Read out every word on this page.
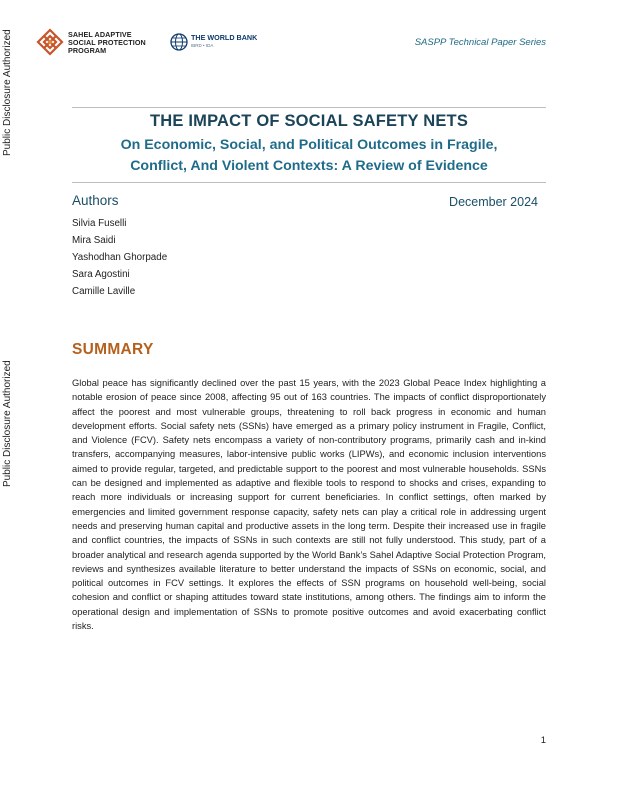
Public Disclosure Authorized
Public Disclosure Authorized
SAHEL ADAPTIVE
SOCIAL PROTECTION
PROGRAM
THE WORLD BANK
IBRD • IDA	SASPP Technical Paper Series
THE IMPACT OF SOCIAL SAFETY NETS
On Economic, Social, and Political Outcomes in Fragile,
Conflict, And Violent Contexts: A Review of Evidence
Authors	December 2024
Silvia Fuselli
Mira Saidi
Yashodhan Ghorpade
Sara Agostini
Camille Laville
SUMMARY

Global peace has significantly declined over the past 15 years, with the 2023 Global Peace Index highlighting a notable erosion of peace since 2008, affecting 95 out of 163 countries. The impacts of conflict disproportionately affect the poorest and most vulnerable groups, threatening to roll back progress in economic and human development efforts. Social safety nets (SSNs) have emerged as a primary policy instrument in Fragile, Conflict, and Violence (FCV). Safety nets encompass a variety of non-contributory programs, primarily cash and in-kind transfers, accompanying measures, labor-intensive public works (LIPWs), and economic inclusion interventions aimed to provide regular, targeted, and predictable support to the poorest and most vulnerable households. SSNs can be designed and implemented as adaptive and flexible tools to respond to shocks and crises, expanding to reach more individuals or increasing support for current beneficiaries. In conflict settings, often marked by emergencies and limited government response capacity, safety nets can play a critical role in addressing urgent needs and preserving human capital and productive assets in the long term. Despite their increased use in fragile and conflict countries, the impacts of SSNs in such contexts are still not fully understood. This study, part of a broader analytical and research agenda supported by the World Bank’s Sahel Adaptive Social Protection Program, reviews and synthesizes available literature to better understand the impacts of SSNs on economic, social, and political outcomes in FCV settings. It explores the effects of SSN programs on household well-being, social cohesion and conflict or shaping attitudes toward state institutions, among others. The findings aim to inform the operational design and implementation of SSNs to promote positive outcomes and avoid exacerbating conflict risks.

1
